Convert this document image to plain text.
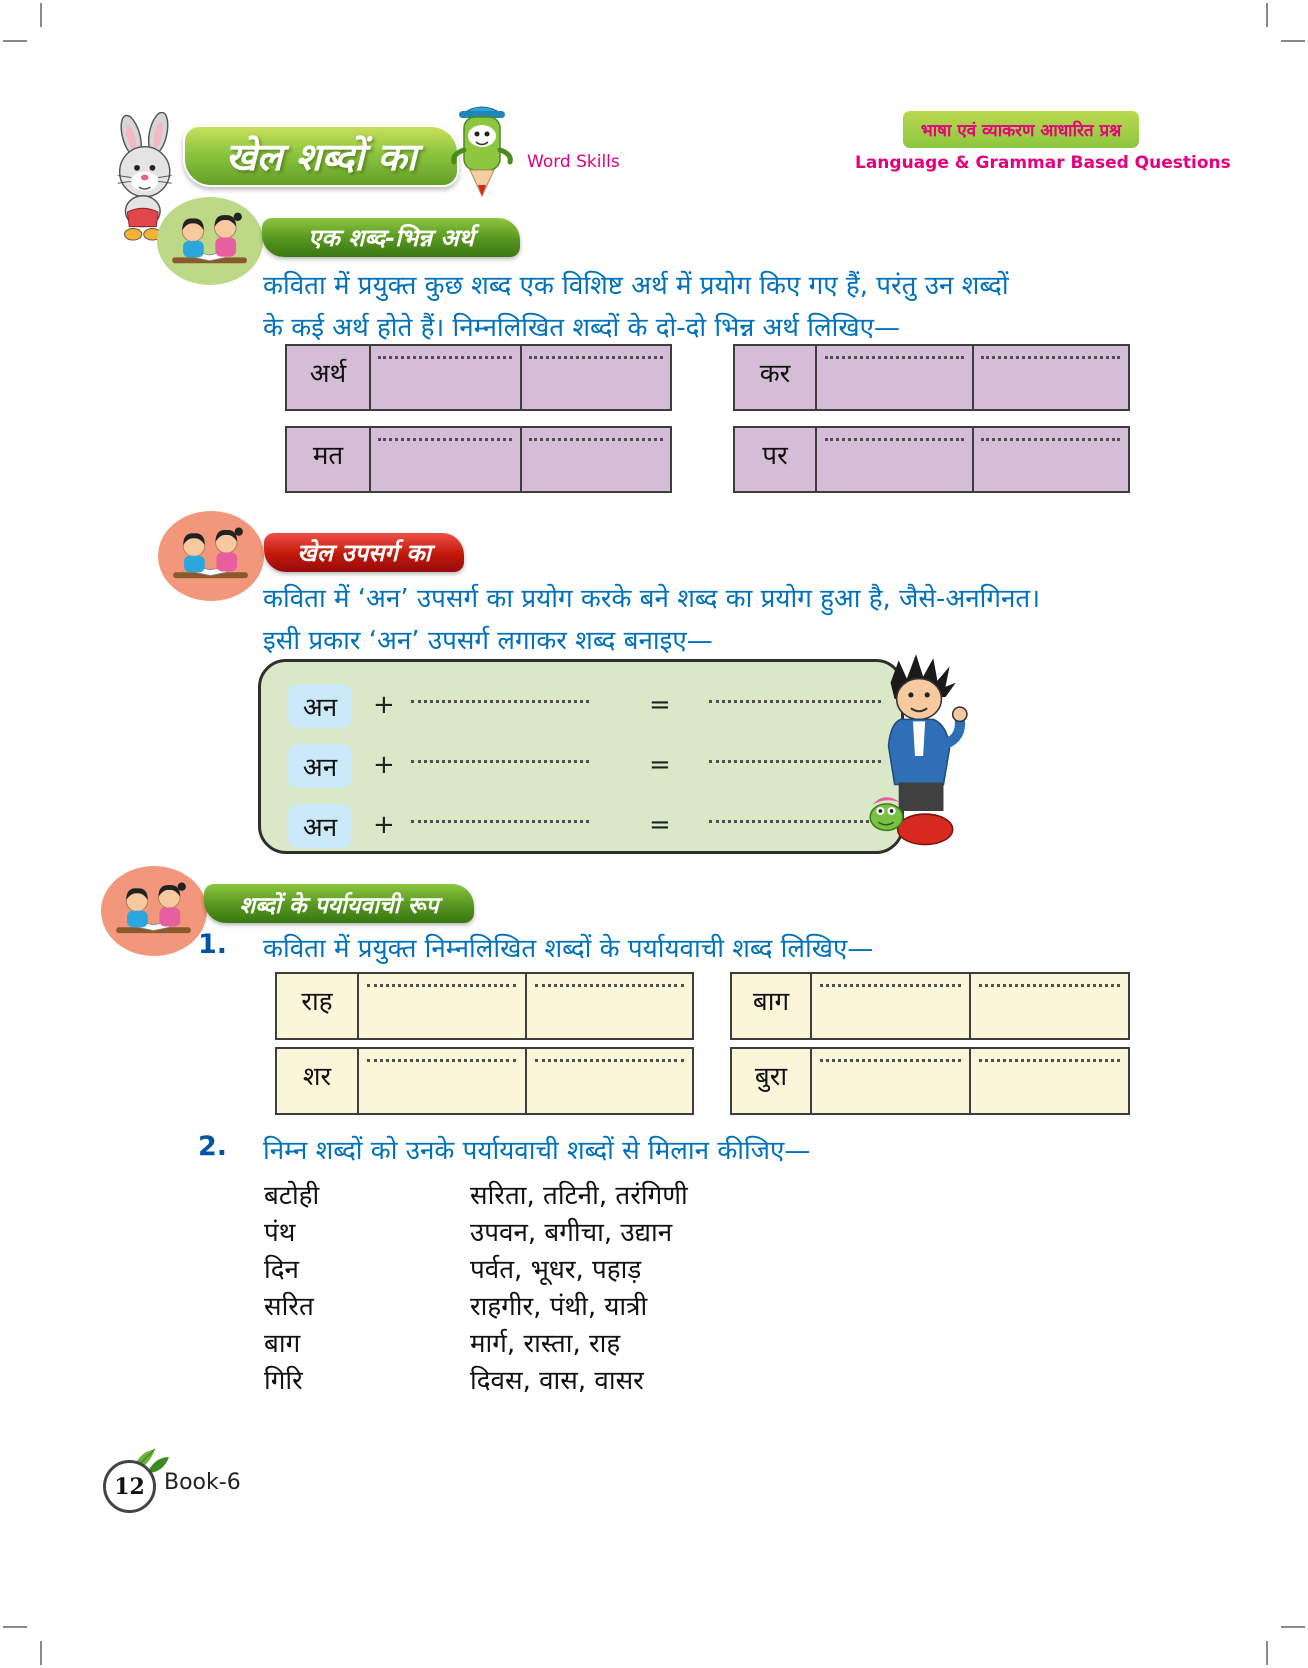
खेल शब्दों का	Word Skills
भाषा एवं व्याकरण आधारित प्रश्न
Language & Grammar Based Questions
एक शब्द-भिन्न अर्थ
कविता में प्रयुक्त कुछ शब्द एक विशिष्ट अर्थ में प्रयोग किए गए हैं, परंतु उन शब्दों
के कई अर्थ होते हैं। निम्नलिखित शब्दों के दो-दो भिन्न अर्थ लिखिए—
अर्थ	कर
मत	पर
खेल उपसर्ग का
कविता में ‘अन’ उपसर्ग का प्रयोग करके बने शब्द का प्रयोग हुआ है, जैसे-अनगिनत।
इसी प्रकार ‘अन’ उपसर्ग लगाकर शब्द बनाइए—
अन	+	=
अन	+	=
अन	+	=
शब्दों के पर्यायवाची रूप
1. कविता में प्रयुक्त निम्नलिखित शब्दों के पर्यायवाची शब्द लिखिए—
राह	बाग
शर	बुरा
2. निम्न शब्दों को उनके पर्यायवाची शब्दों से मिलान कीजिए—
बटोही	सरिता, तटिनी, तरंगिणी
पंथ	उपवन, बगीचा, उद्यान
दिन	पर्वत, भूधर, पहाड़
सरित	राहगीर, पंथी, यात्री
बाग	मार्ग, रास्ता, राह
गिरि	दिवस, वास, वासर
12 Book-6
